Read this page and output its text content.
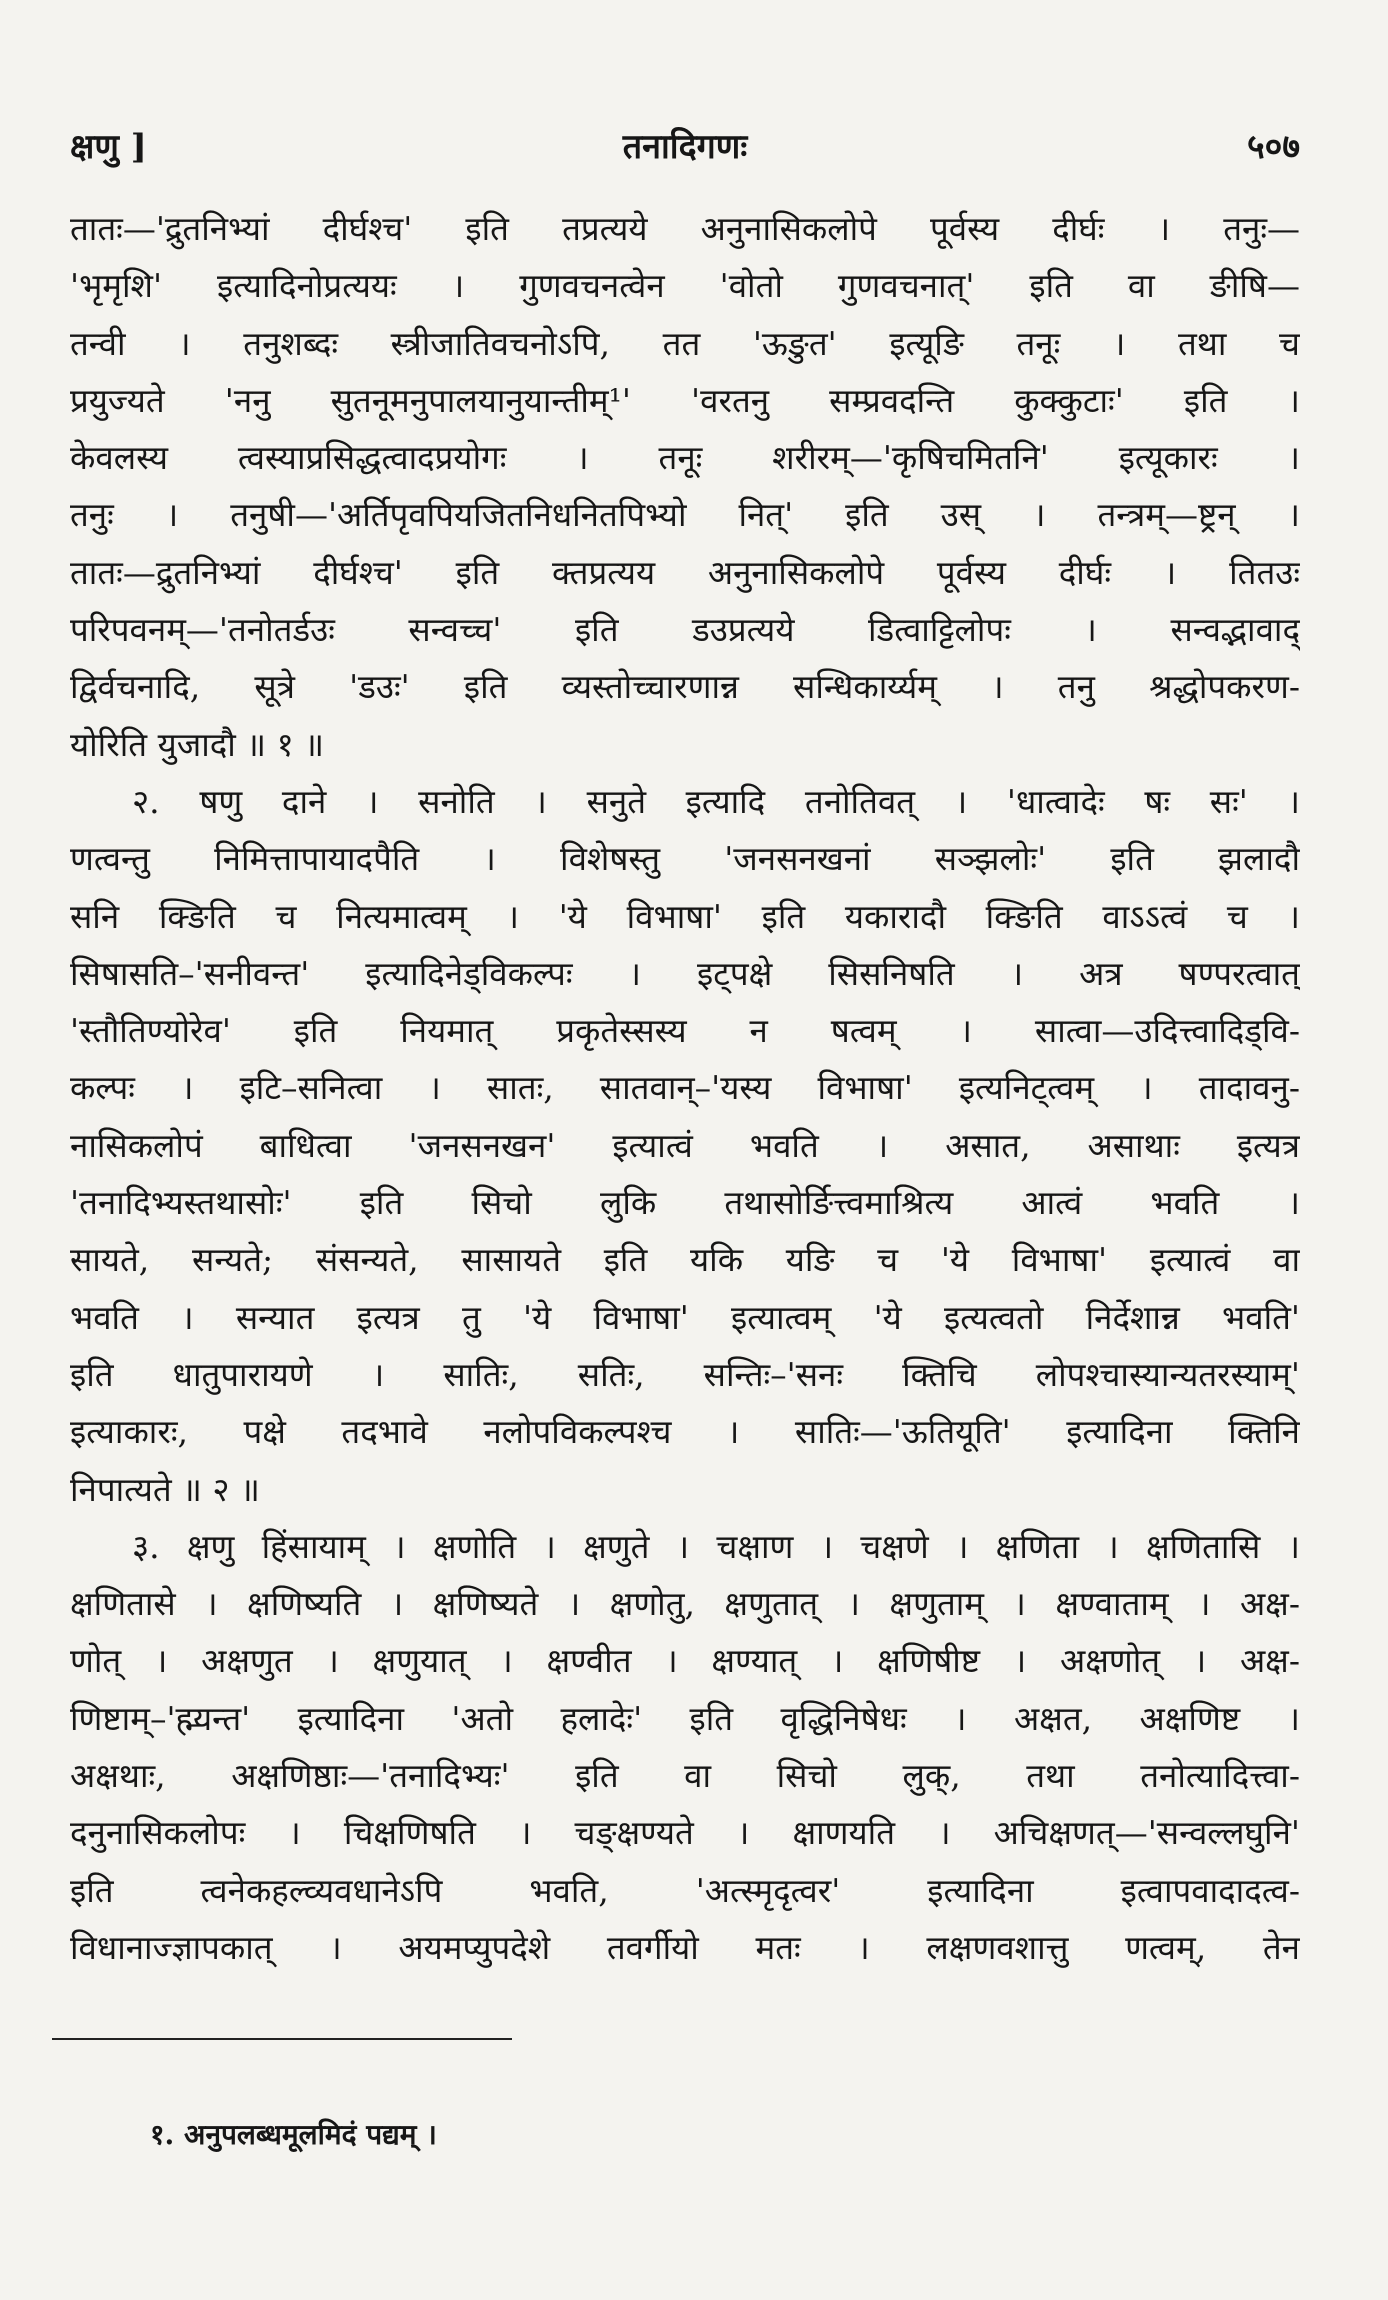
क्षणु ]	तनादिगणः	५०७
तातः—'द्रुतनिभ्यां दीर्घश्च' इति तप्रत्यये अनुनासिकलोपे पूर्वस्य दीर्घः । तनुः—
'भृमृशि' इत्यादिनोप्रत्ययः । गुणवचनत्वेन 'वोतो गुणवचनात्' इति वा ङीषि—
तन्वी । तनुशब्दः स्त्रीजातिवचनोऽपि, तत 'ऊङुत' इत्यूङि तनूः । तथा च
प्रयुज्यते 'ननु सुतनूमनुपालयानुयान्तीम्¹' 'वरतनु सम्प्रवदन्ति कुक्कुटाः' इति ।
केवलस्य त्वस्याप्रसिद्धत्वादप्रयोगः । तनूः शरीरम्—'कृषिचमितनि' इत्यूकारः ।
तनुः । तनुषी—'अर्तिपृवपियजितनिधनितपिभ्यो नित्' इति उस् । तन्त्रम्—ष्ट्रन् ।
तातः—द्रुतनिभ्यां दीर्घश्च' इति क्तप्रत्यय अनुनासिकलोपे पूर्वस्य दीर्घः । तितउः
परिपवनम्—'तनोतर्डउः सन्वच्च' इति डउप्रत्यये डित्वाट्टिलोपः । सन्वद्भावाद्
द्विर्वचनादि, सूत्रे 'डउः' इति व्यस्तोच्चारणान्न सन्धिकार्य्यम् । तनु श्रद्धोपकरण-
योरिति युजादौ ॥ १ ॥
२. षणु दाने । सनोति । सनुते इत्यादि तनोतिवत् । 'धात्वादेः षः सः' ।
णत्वन्तु निमित्तापायादपैति । विशेषस्तु 'जनसनखनां सञ्झलोः' इति झलादौ
सनि क्ङिति च नित्यमात्वम् । 'ये विभाषा' इति यकारादौ क्ङिति वाऽऽत्वं च ।
सिषासति–'सनीवन्त' इत्यादिनेड्विकल्पः । इट्पक्षे सिसनिषति । अत्र षण्परत्वात्
'स्तौतिण्योरेव' इति नियमात् प्रकृतेस्सस्य न षत्वम् । सात्वा—उदित्त्वादिड्वि-
कल्पः । इटि–सनित्वा । सातः, सातवान्–'यस्य विभाषा' इत्यनिट्त्वम् । तादावनु-
नासिकलोपं बाधित्वा 'जनसनखन' इत्यात्वं भवति । असात, असाथाः इत्यत्र
'तनादिभ्यस्तथासोः' इति सिचो लुकि तथासोर्ङित्त्वमाश्रित्य आत्वं भवति ।
सायते, सन्यते; संसन्यते, सासायते इति यकि यङि च 'ये विभाषा' इत्यात्वं वा
भवति । सन्यात इत्यत्र तु 'ये विभाषा' इत्यात्वम् 'ये इत्यत्वतो निर्देशान्न भवति'
इति धातुपारायणे । सातिः, सतिः, सन्तिः–'सनः क्तिचि लोपश्चास्यान्यतरस्याम्'
इत्याकारः, पक्षे तदभावे नलोपविकल्पश्च । सातिः—'ऊतियूति' इत्यादिना क्तिनि
निपात्यते ॥ २ ॥
३. क्षणु हिंसायाम् । क्षणोति । क्षणुते । चक्षाण । चक्षणे । क्षणिता । क्षणितासि ।
क्षणितासे । क्षणिष्यति । क्षणिष्यते । क्षणोतु, क्षणुतात् । क्षणुताम् । क्षण्वाताम् । अक्ष-
णोत् । अक्षणुत । क्षणुयात् । क्षण्वीत । क्षण्यात् । क्षणिषीष्ट । अक्षणोत् । अक्ष-
णिष्टाम्–'ह्म्यन्त' इत्यादिना 'अतो हलादेः' इति वृद्धिनिषेधः । अक्षत, अक्षणिष्ट ।
अक्षथाः, अक्षणिष्ठाः—'तनादिभ्यः' इति वा सिचो लुक्, तथा तनोत्यादित्त्वा-
दनुनासिकलोपः । चिक्षणिषति । चङ्क्षण्यते । क्षाणयति । अचिक्षणत्—'सन्वल्लघुनि'
इति त्वनेकहल्व्यवधानेऽपि भवति, 'अत्स्मृदृत्वर' इत्यादिना इत्वापवादादत्व-
विधानाज्ज्ञापकात् । अयमप्युपदेशे तवर्गीयो मतः । लक्षणवशात्तु णत्वम्, तेन
१. अनुपलब्धमूलमिदं पद्यम् ।
